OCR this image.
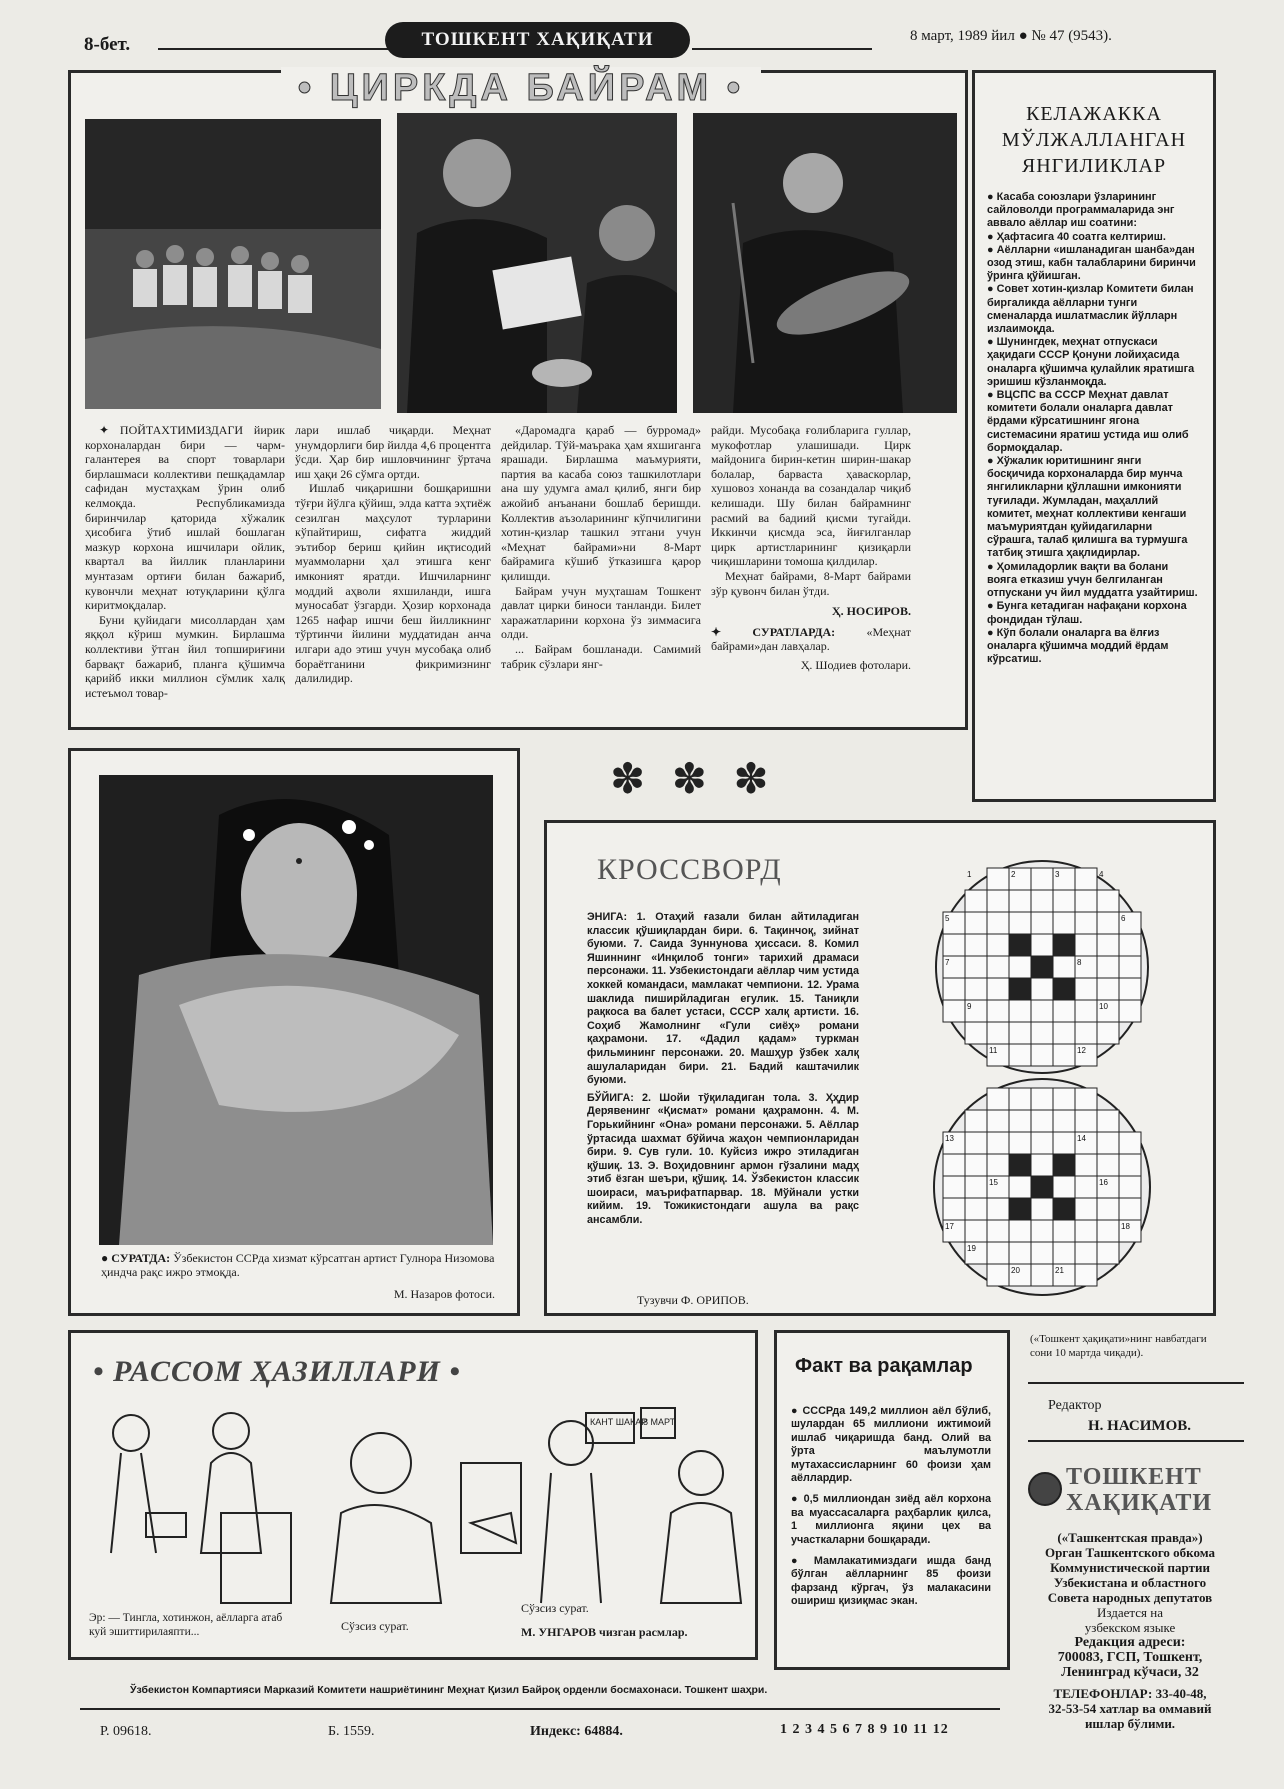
8-бет.	ТОШКЕНТ ХАҚИҚАТИ	8 март, 1989 йил ● № 47 (9543).
• ЦИРКДА БАЙРАМ •

✦ ПОЙТАХТИМИЗДАГИ йирик корхоналардан бири — чарм-галантерея ва спорт товарлари бирлашмаси коллективи пешқадамлар сафидан мустаҳкам ўрин олиб келмоқда. Республикамизда биринчилар қаторида хўжалик ҳисобига ўтиб ишлай бошлаган мазкур корхона ишчилари ойлик, квартал ва йиллик планларини мунтазам ортиғи билан бажариб, кувончли меҳнат ютуқларини қўлга киритмоқдалар.

Буни қуйидаги мисоллардан ҳам яққол кўриш мумкин. Бирлашма коллективи ўтган йил топшириғини барвақт бажариб, планга қўшимча қарийб икки миллион сўмлик халқ истеъмол товар-

лари ишлаб чиқарди. Меҳнат унумдорлиги бир йилда 4,6 процентга ўсди. Ҳар бир ишловчининг ўртача иш ҳақи 26 сўмга ортди.

Ишлаб чиқаришни бошқаришни тўғри йўлга қўйиш, элда катта эҳтиёж сезилган маҳсулот турларини кўпайтириш, сифатга жиддий эътибор бериш қийин иқтисодий муаммоларни ҳал этишга кенг имконият яратди. Ишчиларнинг моддий аҳволи яхшиланди, ишга муносабат ўзгарди. Ҳозир корхонада 1265 нафар ишчи беш йилликнинг тўртинчи йилини муддатидан анча илгари адо этиш учун мусобақа олиб бораётганини фикримизнинг далилидир.

«Даромадга қараб — бурромад» дейдилар. Тўй-маърака ҳам яхшиганга ярашади. Бирлашма маъмурияти, партия ва касаба союз ташкилотлари ана шу удумга амал қилиб, янги бир ажойиб анъанани бошлаб беришди. Коллектив аъзоларининг кўпчилигини хотин-қизлар ташкил этгани учун «Меҳнат байрами»ни 8-Март байрамига кўшиб ўтказишга қарор қилишди.

Байрам учун муҳташам Тошкент давлат цирки биноси танланди. Билет харажатларини корхона ўз зиммасига олди.

... Байрам бошланади. Самимий табрик сўзлари янг-

райди. Мусобақа ғолибларига гуллар, мукофотлар улашишади. Цирк майдонига бирин-кетин ширин-шакар болалар, барваста ҳаваскорлар, хушовоз хонанда ва созандалар чиқиб келишади. Шу билан байрамнинг расмий ва бадиий қисми тугайди. Иккинчи қисмда эса, йиғилганлар цирк артистларининг қизиқарли чиқишларини томоша қилдилар.

Меҳнат байрами, 8-Март байрами зўр қувонч билан ўтди.

Ҳ. НОСИРОВ.
✦ СУРАТЛАРДА:	«Меҳнат байрами»дан лавҳалар.
Ҳ. Шодиев фотолари.
КЕЛАЖАККА
МЎЛЖАЛЛАНГАН
ЯНГИЛИКЛАР
● Касаба союзлари ўзларининг сайловолди программаларида энг аввало аёллар иш соатини:
● Ҳафтасига 40 соатга келтириш.
● Аёлларни «ишланадиган шанба»дан озод этиш, кабн талабларини биринчи ўринга қўйишган.
● Совет хотин-қизлар Комитети билан биргаликда аёлларни тунги сменаларда ишлатмаслик йўлларн излаимоқда.
● Шунингдек, меҳнат отпускаси ҳақидаги СССР Қонуни лойиҳасида оналарга қўшимча қулайлик яратишга эришиш кўзланмоқда.
● ВЦСПС ва СССР Меҳнат давлат комитети болали оналарга давлат ёрдами кўрсатишнинг ягона системасини яратиш устида иш олиб бормоқдалар.
● Хўжалик юритишнинг янги босқичида корхоналарда бир мунча янгиликларни қўллашни имконияти туғилади. Жумладан, маҳаллий комитет, меҳнат коллективи кенгаши маъмуриятдан қуйидагиларни сўрашга, талаб қилишга ва турмушга татбиқ этишга ҳақлидирлар.
● Ҳомиладорлик вақти ва болани вояга етказиш учун белгиланган отпускани уч йил муддатга узайтириш.
● Бунга кетадиган нафақани корхона фондидан тўлаш.
● Кўп болали оналарга ва ёлғиз оналарга қўшимча моддий ёрдам кўрсатиш.
● СУРАТДА: Ўзбекистон ССРда хизмат кўрсатган артист Гулнора Низомова ҳиндча рақс ижро этмоқда.
М. Назаров фотоси.
✽ ✽ ✽
КРОССВОРД
ЭНИГА: 1. Отаҳий ғазали билан айтиладиган классик қўшиқлардан бири. 6. Тақинчоқ, зийнат буюми. 7. Саида Зуннунова ҳиссаси. 8. Комил Яшиннинг «Инқилоб тонги» тарихий драмаси персонажи. 11. Узбекистондаги аёллар чим устида хоккей командаси, мамлакат чемпиони. 12. Урама шаклида пиширйладиган егулик. 15. Таниқли рақкоса ва балет устаси, СССР халқ артисти. 16. Соҳиб Жамолнинг «Гули сиёҳ» романи қаҳрамони. 17. «Дадил қадам» туркман фильмининг персонажи. 20. Машҳур ўзбек халқ ашулаларидан бири. 21. Бадий каштачилик буюми.
БЎЙИГА: 2. Шойи тўқиладиган тола. 3. Ҳҳдир Дерявенинг «Қисмат» романи қаҳрамонн. 4. М. Горькийнинг «Она» романи персонажи. 5. Аёллар ўртасида шахмат бўйича жаҳон чемпионларидан бири. 9. Сув гули. 10. Куйсиз ижро этиладиган қўшиқ. 13. Э. Воҳидовнинг армон гўзалини мадҳ этиб ёзган шеъри, қўшиқ. 14. Ўзбекистон классик шоираси, маърифатпарвар. 18. Мўйнали устки кийим. 19. Тожикистондаги ашула ва рақс ансамбли.
Тузувчи Ф. ОРИПОВ.
1	2	3	4
5	6
7	8
9	10
11	12
13	14
15	16
17	18
19
20	21
• РАССОМ ҲАЗИЛЛАРИ •
КАНТ ШАКАР
8 МАРТ
Эр: — Тингла, хотинжон, аёлларга атаб куй эшиттирилаяпти...	Сўзсиз сурат.
Сўзсиз сурат.
М. УНГАРОВ чизган расмлар.
Факт ва рақамлар
● СССРда 149,2 миллион аёл бўлиб, шулардан 65 миллиони ижтимоий ишлаб чиқаришда банд. Олий ва ўрта маълумотли мутахассисларнинг 60 фоизи ҳам аёллардир.
● 0,5 миллиондан зиёд аёл корхона ва муассасаларга раҳбарлик қилса, 1 миллионга яқини цех ва участкаларни бошқаради.
● Мамлакатимиздаги ишда банд бўлган аёлларнинг 85 фоизи фарзанд кўргач, ўз малакасини ошириш қизиқмас экан.
(«Тошкент ҳақиқати»нинг навбатдаги сони 10 мартда чиқади).
Редактор
Н. НАСИМОВ.
ТОШКЕНТ
ХАҚИҚАТИ
(«Ташкентская правда»)
Орган Ташкентского обкома
Коммунистической партии
Узбекистана и областного
Совета народных депутатов
Издается на
узбекском языке
Редакция адреси:
700083, ГСП, Тошкент,
Ленинград кўчаси, 32
ТЕЛЕФОНЛАР: 33-40-48,
32-53-54 хатлар ва оммавий
ишлар бўлими.
Ўзбекистон Компартияси Марказий Комитети нашриётининг Меҳнат Қизил Байроқ орденли босмахонаси. Тошкент шаҳри.
Р. 09618.	Б. 1559.	Индекс: 64884.	1 2 3 4 5 6 7 8 9 10 11 12
